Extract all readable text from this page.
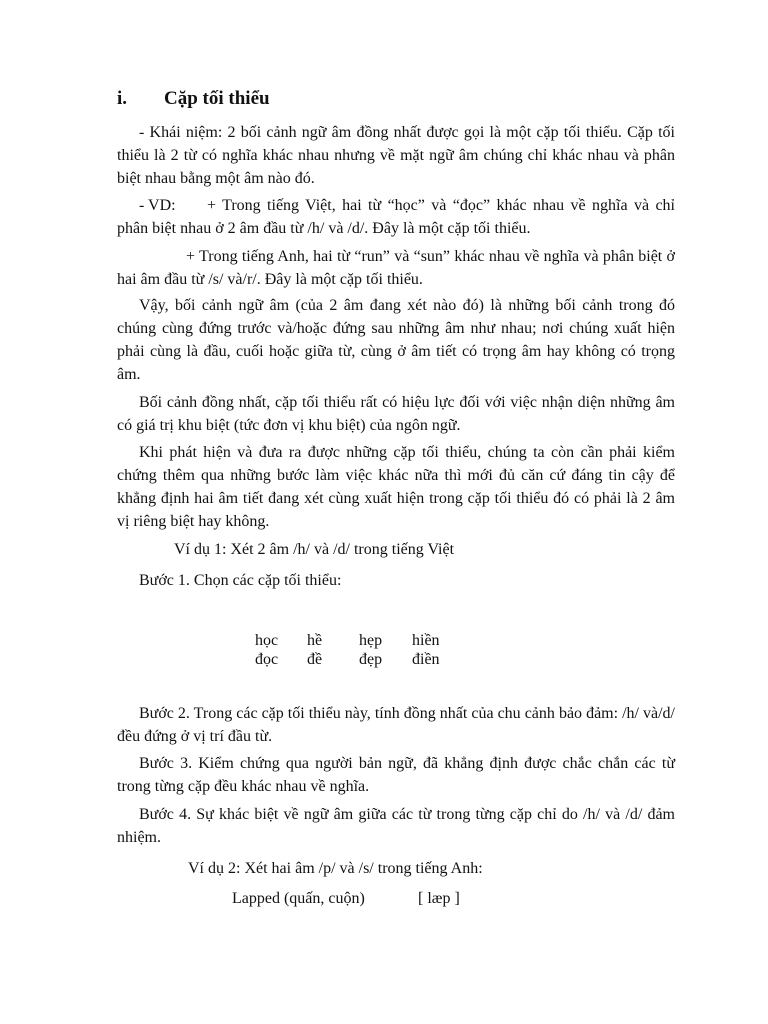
i. Cặp tối thiểu

- Khái niệm: 2 bối cảnh ngữ âm đồng nhất được gọi là một cặp tối thiểu. Cặp tối thiểu là 2 từ có nghĩa khác nhau nhưng về mặt ngữ âm chúng chỉ khác nhau và phân biệt nhau bằng một âm nào đó.

- VD: + Trong tiếng Việt, hai từ “học” và “đọc” khác nhau về nghĩa và chỉ phân biệt nhau ở 2 âm đầu từ /h/ và /d/. Đây là một cặp tối thiểu.

+ Trong tiếng Anh, hai từ “run” và “sun” khác nhau về nghĩa và phân biệt ở hai âm đầu từ /s/ và/r/. Đây là một cặp tối thiểu.

Vậy, bối cảnh ngữ âm (của 2 âm đang xét nào đó) là những bối cảnh trong đó chúng cùng đứng trước và/hoặc đứng sau những âm như nhau; nơi chúng xuất hiện phải cùng là đầu, cuối hoặc giữa từ, cùng ở âm tiết có trọng âm hay không có trọng âm.

Bối cảnh đồng nhất, cặp tối thiểu rất có hiệu lực đối với việc nhận diện những âm có giá trị khu biệt (tức đơn vị khu biệt) của ngôn ngữ.

Khi phát hiện và đưa ra được những cặp tối thiểu, chúng ta còn cần phải kiểm chứng thêm qua những bước làm việc khác nữa thì mới đủ căn cứ đáng tin cậy để khẳng định hai âm tiết đang xét cùng xuất hiện trong cặp tối thiểu đó có phải là 2 âm vị riêng biệt hay không.

Ví dụ 1: Xét 2 âm /h/ và /d/ trong tiếng Việt
Bước 1. Chọn các cặp tối thiểu:
học
đọc
hề
đề
hẹp
đẹp
hiền
điền

Bước 2. Trong các cặp tối thiểu này, tính đồng nhất của chu cảnh bảo đảm: /h/ và/d/ đều đứng ở vị trí đầu từ.

Bước 3. Kiểm chứng qua người bản ngữ, đã khẳng định được chắc chắn các từ trong từng cặp đều khác nhau về nghĩa.

Bước 4. Sự khác biệt về ngữ âm giữa các từ trong từng cặp chỉ do /h/ và /d/ đảm nhiệm.

Ví dụ 2: Xét hai âm /p/ và /s/ trong tiếng Anh:
Lapped (quấn, cuộn)	[ læp ]
